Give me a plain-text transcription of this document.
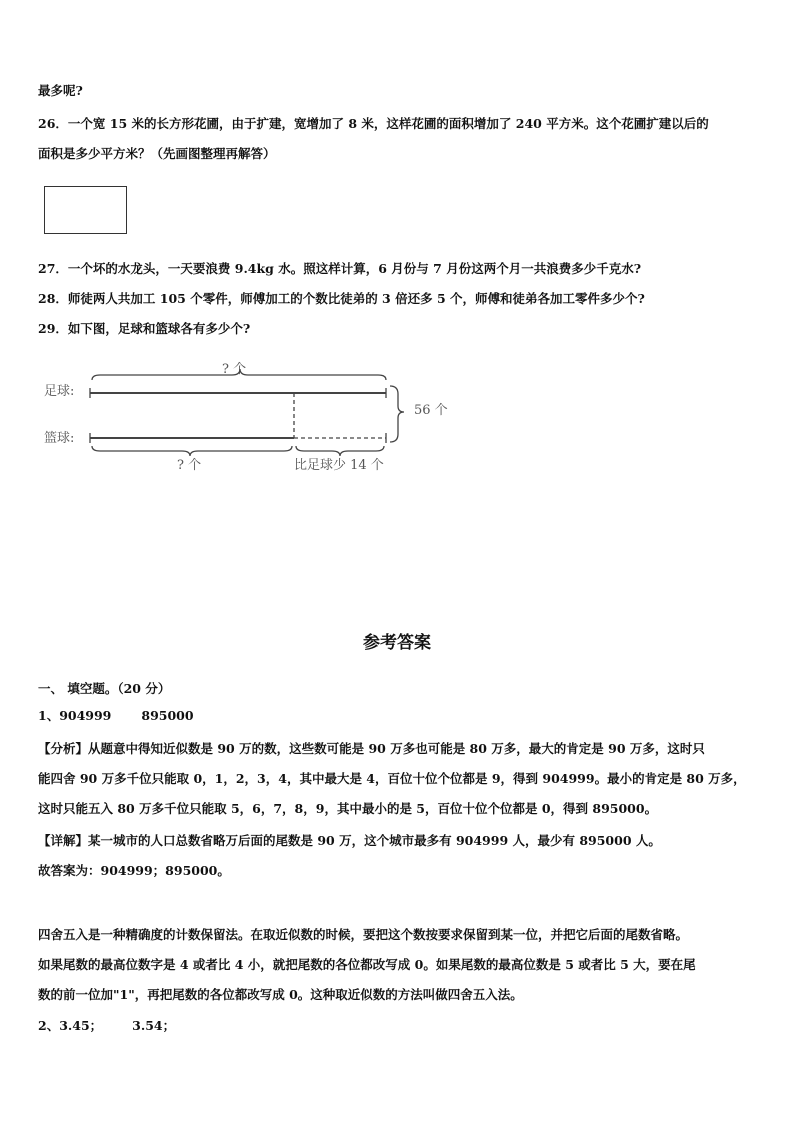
最多呢?
26．一个宽 15 米的长方形花圃，由于扩建，宽增加了 8 米，这样花圃的面积增加了 240 平方米。这个花圃扩建以后的
面积是多少平方米？（先画图整理再解答）
27．一个坏的水龙头，一天要浪费 9.4kg 水。照这样计算，6 月份与 7 月份这两个月一共浪费多少千克水?
28．师徒两人共加工 105 个零件，师傅加工的个数比徒弟的 3 倍还多 5 个，师傅和徒弟各加工零件多少个?
29．如下图，足球和篮球各有多少个?
足球:
篮球:
? 个
? 个
56 个
比足球少 14 个
参考答案
一、 填空题。（20 分）
1、904999 895000
【分析】从题意中得知近似数是 90 万的数，这些数可能是 90 万多也可能是 80 万多，最大的肯定是 90 万多，这时只
能四舍 90 万多千位只能取 0，1，2，3，4，其中最大是 4，百位十位个位都是 9，得到 904999。最小的肯定是 80 万多，
这时只能五入 80 万多千位只能取 5，6，7，8，9，其中最小的是 5，百位十位个位都是 0，得到 895000。
【详解】某一城市的人口总数省略万后面的尾数是 90 万，这个城市最多有 904999 人，最少有 895000 人。
故答案为：904999；895000。
四舍五入是一种精确度的计数保留法。在取近似数的时候，要把这个数按要求保留到某一位，并把它后面的尾数省略。
如果尾数的最高位数字是 4 或者比 4 小，就把尾数的各位都改写成 0。如果尾数的最高位数是 5 或者比 5 大，要在尾
数的前一位加"1"，再把尾数的各位都改写成 0。这种取近似数的方法叫做四舍五入法。
2、3.45； 3.54；
